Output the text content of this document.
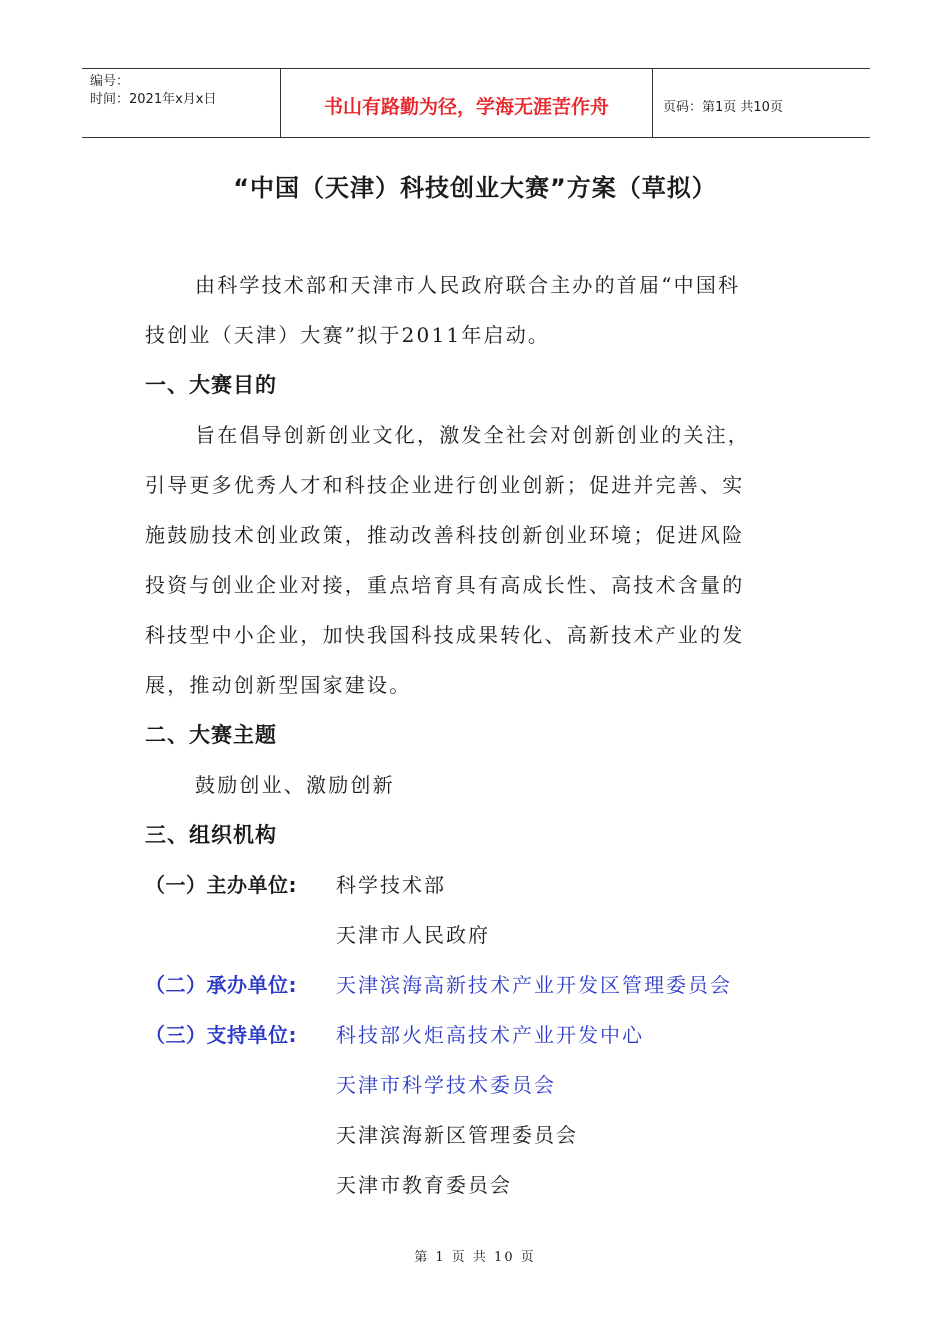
编号：
时间：2021年x月x日	书山有路勤为径，学海无涯苦作舟	页码：第1页 共10页
“中国（天津）科技创业大赛”方案（草拟）
由科学技术部和天津市人民政府联合主办的首届“中国科
技创业（天津）大赛”拟于2011年启动。
一、大赛目的
旨在倡导创新创业文化，激发全社会对创新创业的关注，
引导更多优秀人才和科技企业进行创业创新；促进并完善、实
施鼓励技术创业政策，推动改善科技创新创业环境；促进风险
投资与创业企业对接，重点培育具有高成长性、高技术含量的
科技型中小企业，加快我国科技成果转化、高新技术产业的发
展，推动创新型国家建设。
二、大赛主题
鼓励创业、激励创新
三、组织机构
（一）主办单位:	科学技术部
天津市人民政府
（二）承办单位:	天津滨海高新技术产业开发区管理委员会
（三）支持单位:	科技部火炬高技术产业开发中心
天津市科学技术委员会
天津滨海新区管理委员会
天津市教育委员会
第 1 页 共 10 页
